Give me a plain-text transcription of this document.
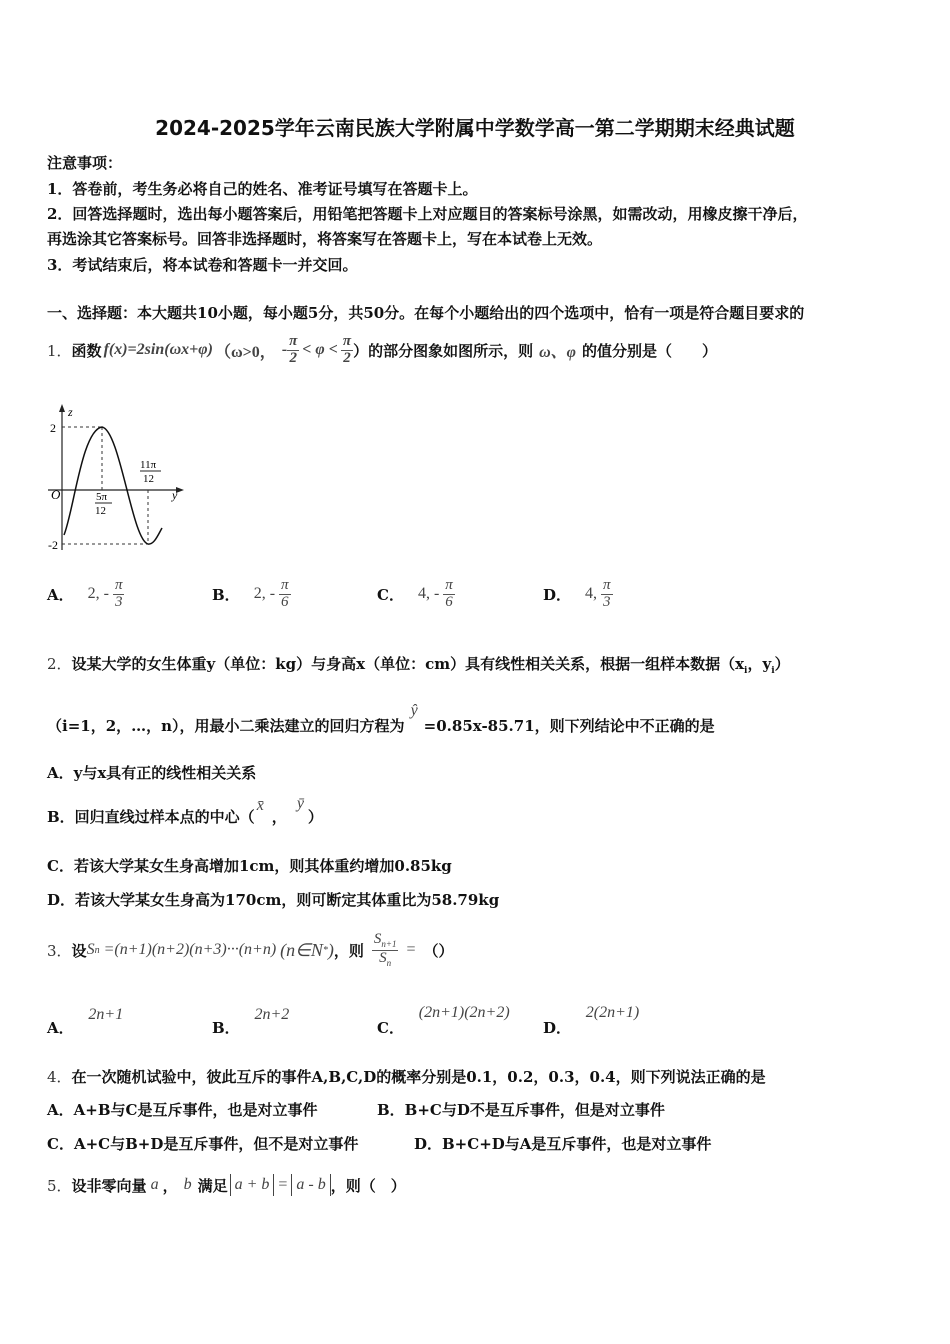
2024-2025学年云南民族大学附属中学数学高一第二学期期末经典试题
注意事项：
1．答卷前，考生务必将自己的姓名、准考证号填写在答题卡上。
2．回答选择题时，选出每小题答案后，用铅笔把答题卡上对应题目的答案标号涂黑，如需改动，用橡皮擦干净后，
再选涂其它答案标号。回答非选择题时，将答案写在答题卡上，写在本试卷上无效。
3．考试结束后，将本试卷和答题卡一并交回。
一、选择题：本大题共10小题，每小题5分，共50分。在每个小题给出的四个选项中，恰有一项是符合题目要求的
1． 函数 f(x)=2sin(ωx+φ) （ω>0， - $\frac{\pi}{2} < \varphi < \frac{\pi}{2}$ ）的部分图象如图所示，则 ω、φ 的值分别是（　　）
z
y
O
2
-2
5π
12
11π
12
A． 2, - $\frac{\pi}{3}$	B． 2, - $\frac{\pi}{6}$	C． 4, - $\frac{\pi}{6}$	D． 4, $\frac{\pi}{3}$
2．设某大学的女生体重y（单位：kg）与身高x（单位：cm）具有线性相关关系，根据一组样本数据（$x_i$，$y_i$）
（i=1，2，…，n），用最小二乘法建立的回归方程为
ŷ
=0.85x-85.71，则下列结论中不正确的是
A．y与x具有正的线性相关关系
B．回归直线过样本点的中心（
x̄
，
ȳ
）
C．若该大学某女生身高增加1cm，则其体重约增加0.85kg
D．若该大学某女生身高为170cm，则可断定其体重比为58.79kg
3． 设 S n =(n+1)(n+2)(n+3)···(n+n) (n∈N * ) ，则 $\frac{S_{n+1}}{S_n}$ = （）
A． 2n+1
B． 2n+2
C． (2n+1)(2n+2)
D． 2(2n+1)
4．在一次随机试验中，彼此互斥的事件A,B,C,D的概率分别是0.1，0.2，0.3，0.4，则下列说法正确的是
A．A+B与C是互斥事件，也是对立事件	B．B+C与D不是互斥事件，但是对立事件
C．A+C与B+D是互斥事件，但不是对立事件	D．B+C+D与A是互斥事件，也是对立事件
5． 设非零向量 a ， b 满足 a + b = a - b ，则（　）
